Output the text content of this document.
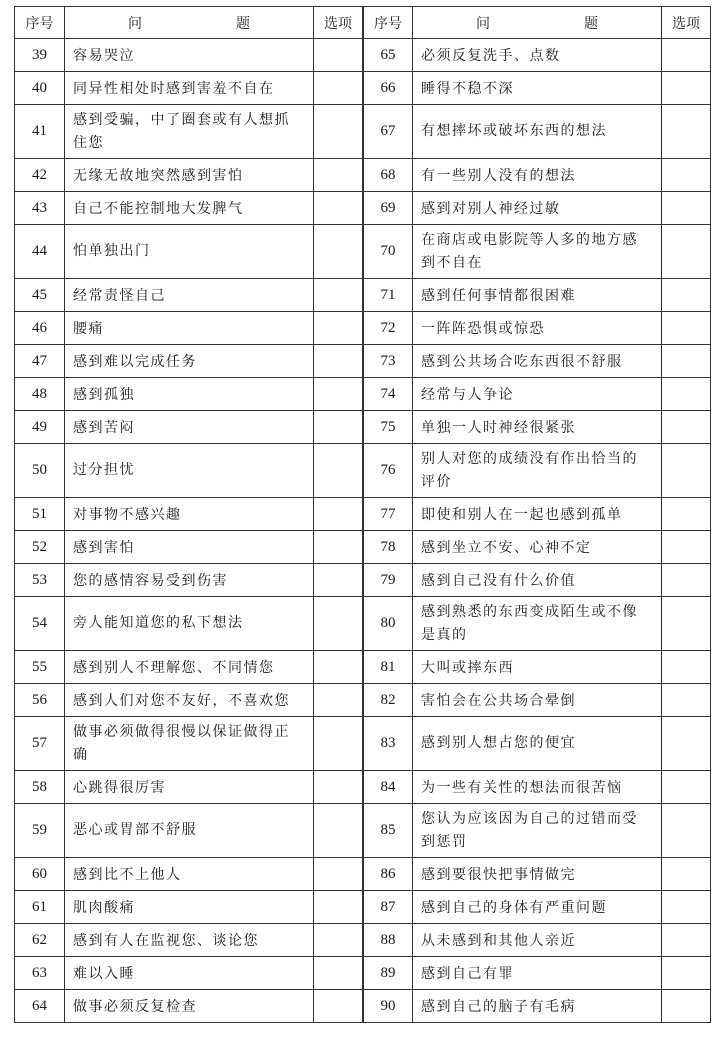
序号	问　题	选项		序号	问　题	选项
39	容易哭泣			65	必须反复洗手、点数	
40	同异性相处时感到害羞不自在			66	睡得不稳不深	
41	感到受骗，中了圈套或有人想抓住您			67	有想摔坏或破坏东西的想法	
42	无缘无故地突然感到害怕			68	有一些别人没有的想法	
43	自己不能控制地大发脾气			69	感到对别人神经过敏	
44	怕单独出门			70	在商店或电影院等人多的地方感到不自在	
45	经常责怪自己			71	感到任何事情都很困难	
46	腰痛			72	一阵阵恐惧或惊恐	
47	感到难以完成任务			73	感到公共场合吃东西很不舒服	
48	感到孤独			74	经常与人争论	
49	感到苦闷			75	单独一人时神经很紧张	
50	过分担忧			76	别人对您的成绩没有作出恰当的评价	
51	对事物不感兴趣			77	即使和别人在一起也感到孤单	
52	感到害怕			78	感到坐立不安、心神不定	
53	您的感情容易受到伤害			79	感到自己没有什么价值	
54	旁人能知道您的私下想法			80	感到熟悉的东西变成陌生或不像是真的	
55	感到别人不理解您、不同情您			81	大叫或摔东西	
56	感到人们对您不友好，不喜欢您			82	害怕会在公共场合晕倒	
57	做事必须做得很慢以保证做得正确			83	感到别人想占您的便宜	
58	心跳得很厉害			84	为一些有关性的想法而很苦恼	
59	恶心或胃部不舒服			85	您认为应该因为自己的过错而受到惩罚	
60	感到比不上他人			86	感到要很快把事情做完	
61	肌肉酸痛			87	感到自己的身体有严重问题	
62	感到有人在监视您、谈论您			88	从未感到和其他人亲近	
63	难以入睡			89	感到自己有罪	
64	做事必须反复检查			90	感到自己的脑子有毛病	
